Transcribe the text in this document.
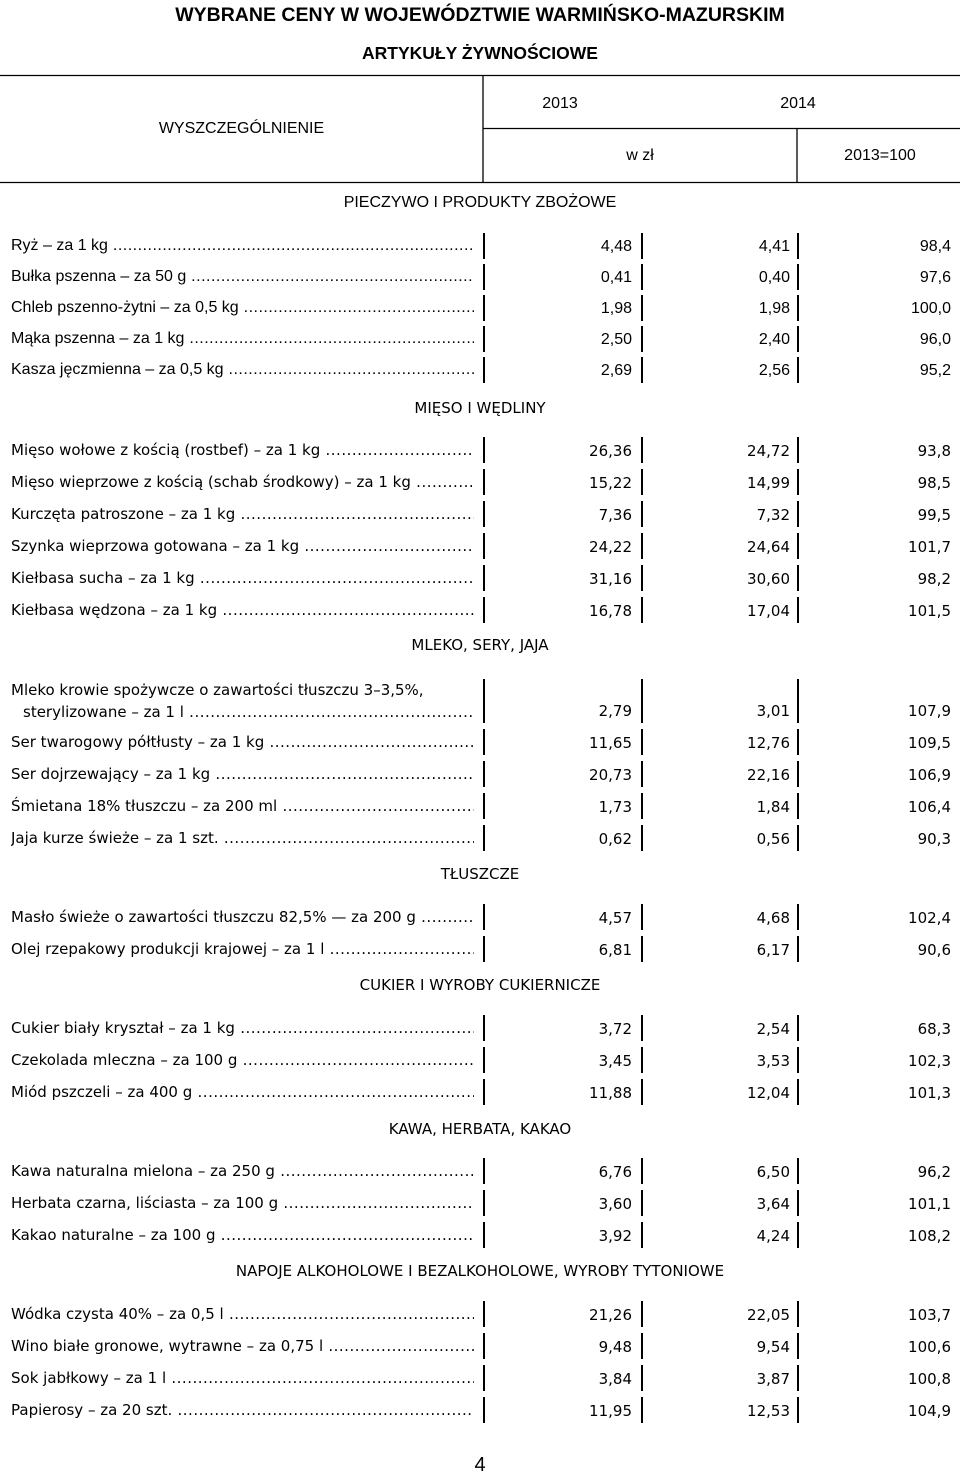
WYBRANE CENY W WOJEWÓDZTWIE WARMIŃSKO-MAZURSKIM
ARTYKUŁY ŻYWNOŚCIOWE
WYSZCZEGÓLNIENIE
2013	2014
w zł	2013=100
PIECZYWO I PRODUKTY ZBOŻOWE
Ryż – za 1 kg .....	4,48	4,41	98,4
Bułka pszenna – za 50 g .....	0,41	0,40	97,6
Chleb pszenno-żytni – za 0,5 kg .....	1,98	1,98	100,0
Mąka pszenna – za 1 kg .....	2,50	2,40	96,0
Kasza jęczmienna – za 0,5 kg .....	2,69	2,56	95,2
MIĘSO I WĘDLINY
Mięso wołowe z kością (rostbef) – za 1 kg .....	26,36	24,72	93,8
Mięso wieprzowe z kością (schab środkowy) – za 1 kg .....	15,22	14,99	98,5
Kurczęta patroszone – za 1 kg .....	7,36	7,32	99,5
Szynka wieprzowa gotowana – za 1 kg .....	24,22	24,64	101,7
Kiełbasa sucha – za 1 kg .....	31,16	30,60	98,2
Kiełbasa wędzona – za 1 kg .....	16,78	17,04	101,5
MLEKO, SERY, JAJA
Mleko krowie spożywcze o zawartości tłuszczu 3–3,5%,
sterylizowane – za 1 l .....	2,79	3,01	107,9
Ser twarogowy półtłusty – za 1 kg .....	11,65	12,76	109,5
Ser dojrzewający – za 1 kg .....	20,73	22,16	106,9
Śmietana 18% tłuszczu – za 200 ml .....	1,73	1,84	106,4
Jaja kurze świeże – za 1 szt. .....	0,62	0,56	90,3
TŁUSZCZE
Masło świeże o zawartości tłuszczu 82,5% — za 200 g .....	4,57	4,68	102,4
Olej rzepakowy produkcji krajowej – za 1 l .....	6,81	6,17	90,6
CUKIER I WYROBY CUKIERNICZE
Cukier biały kryształ – za 1 kg .....	3,72	2,54	68,3
Czekolada mleczna – za 100 g .....	3,45	3,53	102,3
Miód pszczeli – za 400 g .....	11,88	12,04	101,3
KAWA, HERBATA, KAKAO
Kawa naturalna mielona – za 250 g .....	6,76	6,50	96,2
Herbata czarna, liściasta – za 100 g .....	3,60	3,64	101,1
Kakao naturalne – za 100 g .....	3,92	4,24	108,2
NAPOJE ALKOHOLOWE I BEZALKOHOLOWE, WYROBY TYTONIOWE
Wódka czysta 40% – za 0,5 l .....	21,26	22,05	103,7
Wino białe gronowe, wytrawne – za 0,75 l .....	9,48	9,54	100,6
Sok jabłkowy – za 1 l .....	3,84	3,87	100,8
Papierosy – za 20 szt. .....	11,95	12,53	104,9
4
